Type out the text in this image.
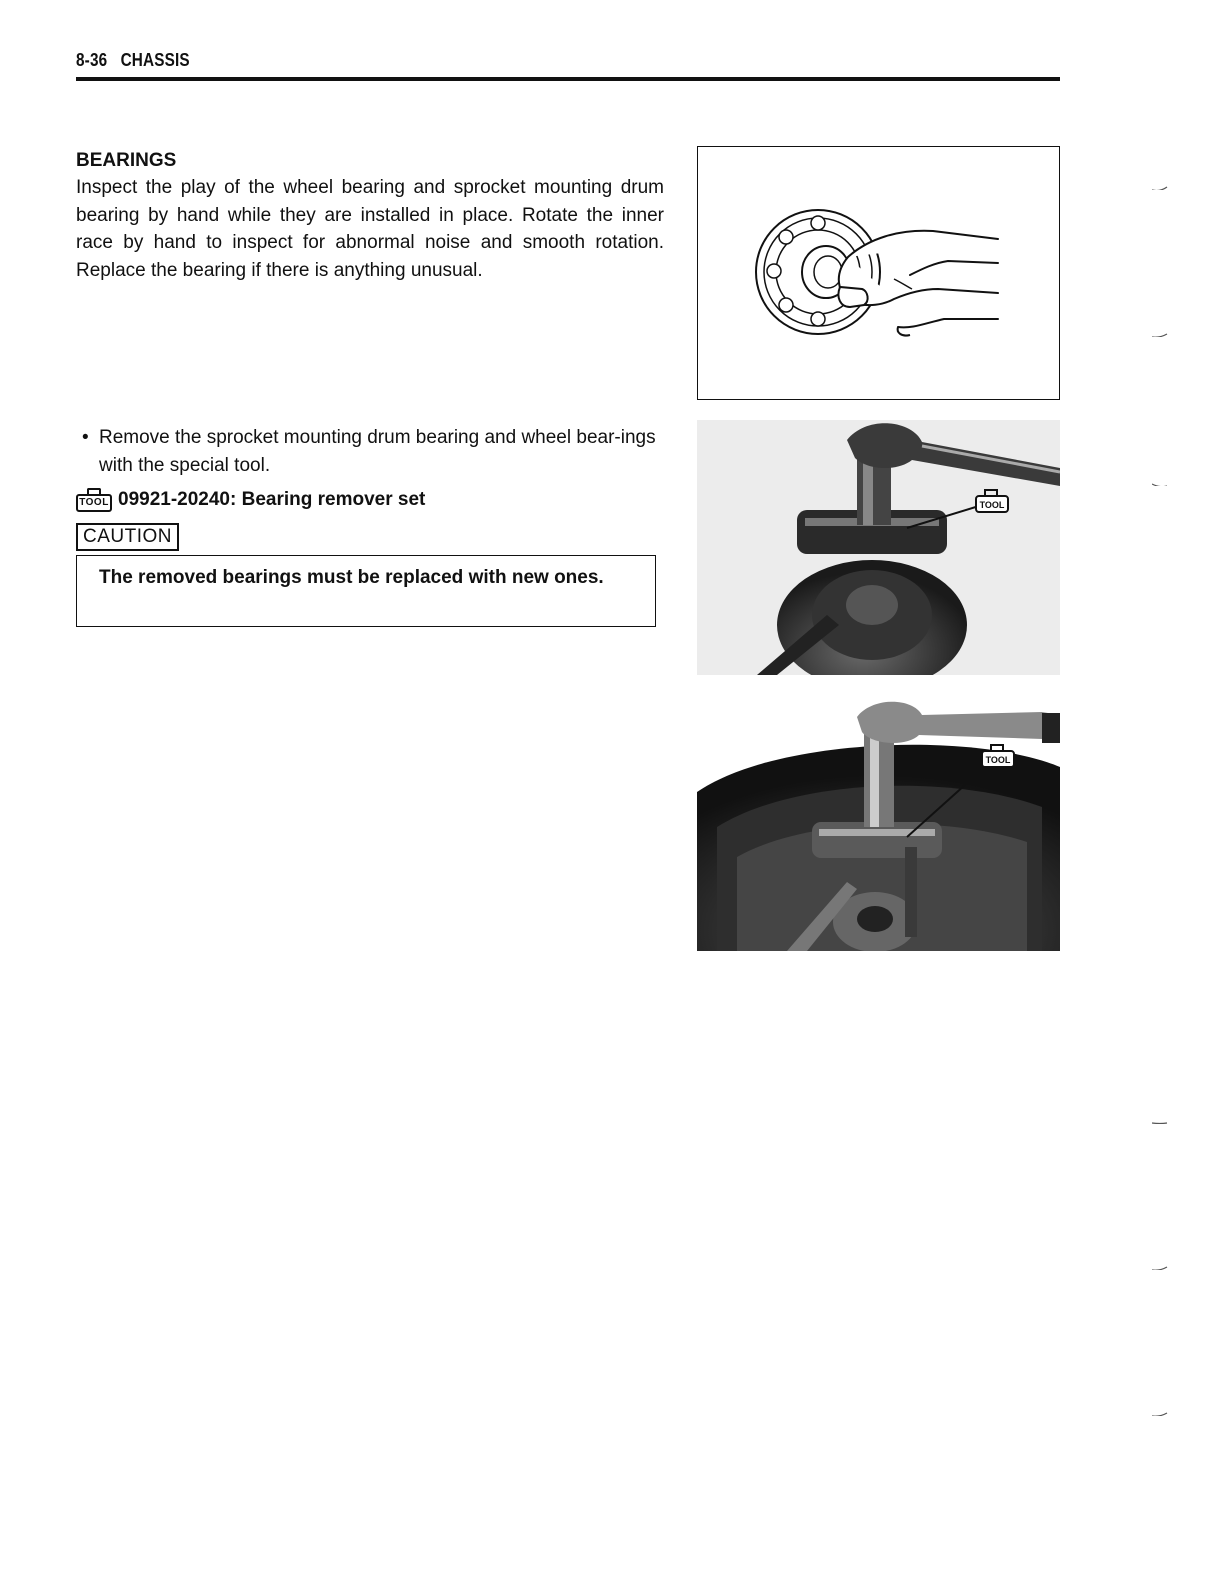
8-36   CHASSIS
BEARINGS
Inspect the play of the wheel bearing and sprocket mounting drum bearing by hand while they are installed in place. Rotate the inner race by hand to inspect for abnormal noise and smooth rotation. Replace the bearing if there is anything unusual.
• Remove the sprocket mounting drum bearing and wheel bear-ings with the special tool.
TOOL 09921-20240: Bearing remover set
CAUTION
The removed bearings must be replaced with new ones.
TOOL
TOOL
